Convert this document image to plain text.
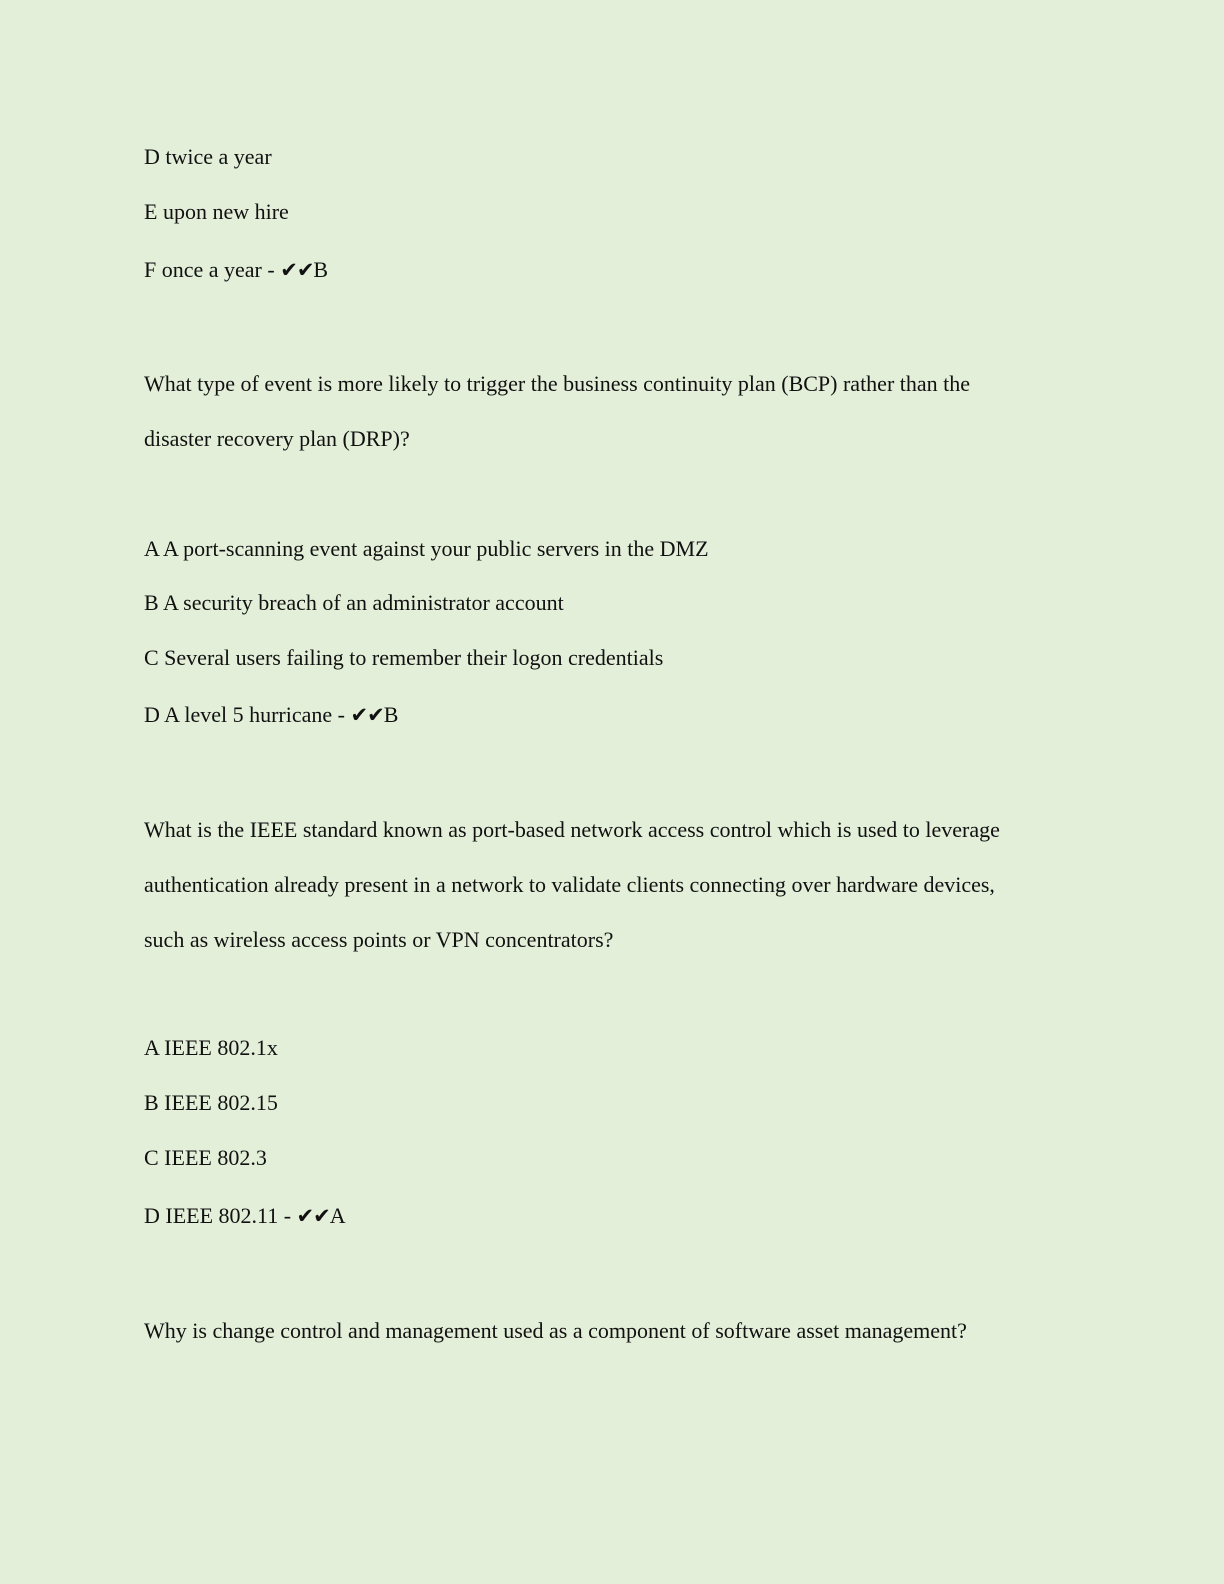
D twice a year
E upon new hire
F once a year - ✔✔B
What type of event is more likely to trigger the business continuity plan (BCP) rather than the
disaster recovery plan (DRP)?
A A port-scanning event against your public servers in the DMZ
B A security breach of an administrator account
C Several users failing to remember their logon credentials
D A level 5 hurricane - ✔✔B
What is the IEEE standard known as port-based network access control which is used to leverage
authentication already present in a network to validate clients connecting over hardware devices,
such as wireless access points or VPN concentrators?
A IEEE 802.1x
B IEEE 802.15
C IEEE 802.3
D IEEE 802.11 - ✔✔A
Why is change control and management used as a component of software asset management?
